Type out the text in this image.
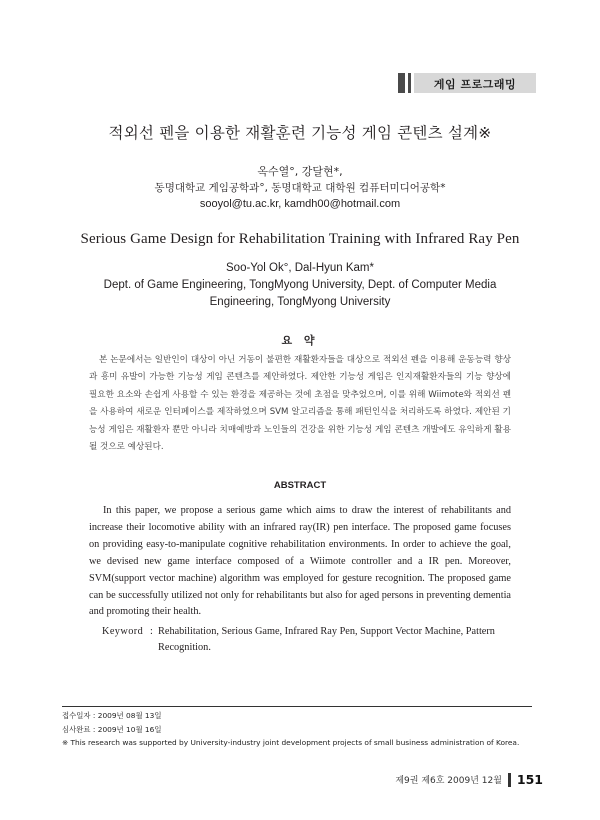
게임 프로그래밍
적외선 펜을 이용한 재활훈련 기능성 게임 콘텐츠 설계※
옥수열°, 강달현*,
동명대학교 게임공학과°, 동명대학교 대학원 컴퓨터미디어공학*
sooyol@tu.ac.kr, kamdh00@hotmail.com
Serious Game Design for Rehabilitation Training with Infrared Ray Pen
Soo-Yol Ok°, Dal-Hyun Kam*
Dept. of Game Engineering, TongMyong University, Dept. of Computer Media
Engineering, TongMyong University
요 약
본 논문에서는 일반인이 대상이 아닌 거동이 불편한 재활환자들을 대상으로 적외선 펜을 이용해 운동능력 향상과 흥미 유발이 가능한 기능성 게임 콘텐츠를 제안하였다. 제안한 기능성 게임은 인지재활환자들의 기능 향상에 필요한 요소와 손쉽게 사용할 수 있는 환경을 제공하는 것에 초점을 맞추었으며, 이를 위해 Wiimote와 적외선 펜을 사용하여 새로운 인터페이스를 제작하였으며 SVM 알고리즘을 통해 패턴인식을 처리하도록 하였다. 제안된 기능성 게임은 재활환자 뿐만 아니라 치매예방과 노인들의 건강을 위한 기능성 게임 콘텐츠 개발에도 유익하게 활용될 것으로 예상된다.
ABSTRACT
In this paper, we propose a serious game which aims to draw the interest of rehabilitants and increase their locomotive ability with an infrared ray(IR) pen interface. The proposed game focuses on providing easy-to-manipulate cognitive rehabilitation environments. In order to achieve the goal, we devised new game interface composed of a Wiimote controller and a IR pen. Moreover, SVM(support vector machine) algorithm was employed for gesture recognition. The proposed game can be successfully utilized not only for rehabilitants but also for aged persons in preventing dementia and promoting their health.
Keyword : Rehabilitation, Serious Game, Infrared Ray Pen, Support Vector Machine, Pattern Recognition.
접수일자 : 2009년 08월 13일
심사완료 : 2009년 10월 16일
※ This research was supported by University-industry joint development projects of small business administration of Korea.
제9권 제6호 2009년 12월 151
